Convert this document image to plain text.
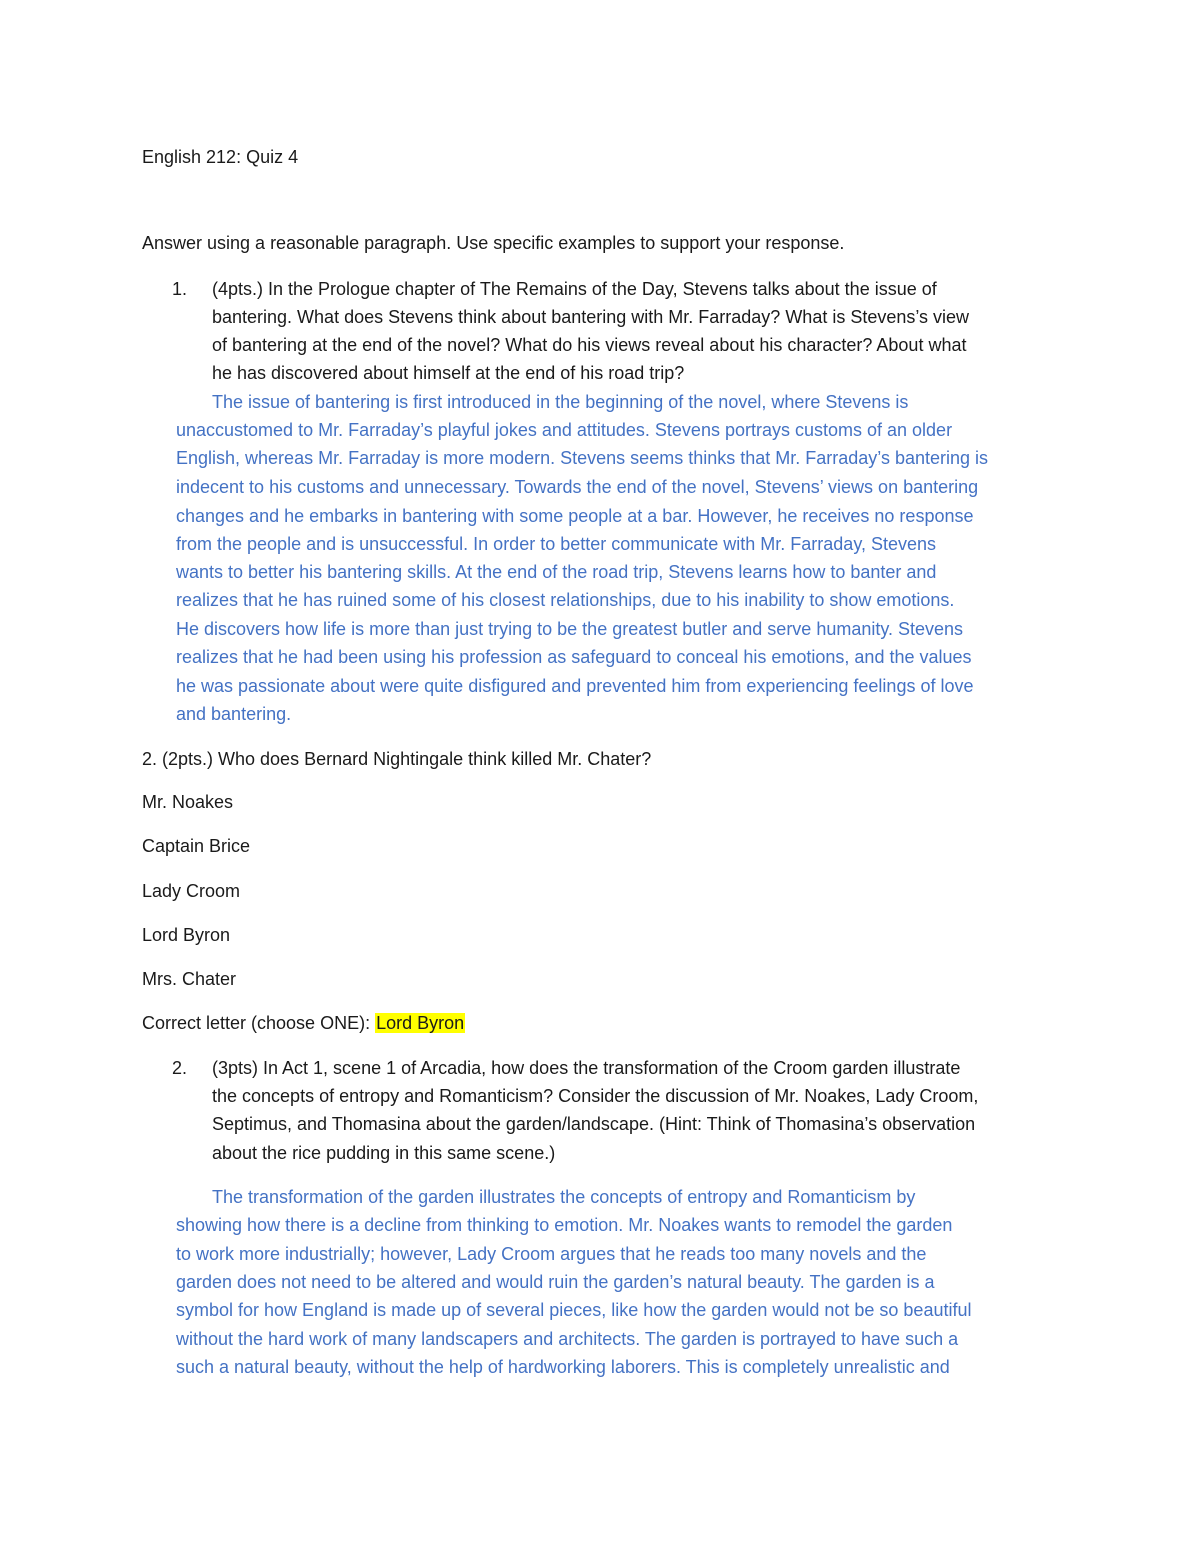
English 212: Quiz 4
Answer using a reasonable paragraph. Use specific examples to support your response.
1. (4pts.) In the Prologue chapter of The Remains of the Day, Stevens talks about the issue of
bantering. What does Stevens think about bantering with Mr. Farraday? What is Stevens’s view
of bantering at the end of the novel? What do his views reveal about his character? About what
he has discovered about himself at the end of his road trip?
The issue of bantering is first introduced in the beginning of the novel, where Stevens is
unaccustomed to Mr. Farraday’s playful jokes and attitudes. Stevens portrays customs of an older
English, whereas Mr. Farraday is more modern. Stevens seems thinks that Mr. Farraday’s bantering is
indecent to his customs and unnecessary. Towards the end of the novel, Stevens’ views on bantering
changes and he embarks in bantering with some people at a bar. However, he receives no response
from the people and is unsuccessful. In order to better communicate with Mr. Farraday, Stevens
wants to better his bantering skills. At the end of the road trip, Stevens learns how to banter and
realizes that he has ruined some of his closest relationships, due to his inability to show emotions.
He discovers how life is more than just trying to be the greatest butler and serve humanity. Stevens
realizes that he had been using his profession as safeguard to conceal his emotions, and the values
he was passionate about were quite disfigured and prevented him from experiencing feelings of love
and bantering.
2. (2pts.) Who does Bernard Nightingale think killed Mr. Chater?
Mr. Noakes
Captain Brice
Lady Croom
Lord Byron
Mrs. Chater
Correct letter (choose ONE): Lord Byron
2. (3pts) In Act 1, scene 1 of Arcadia, how does the transformation of the Croom garden illustrate
the concepts of entropy and Romanticism? Consider the discussion of Mr. Noakes, Lady Croom,
Septimus, and Thomasina about the garden/landscape. (Hint: Think of Thomasina’s observation
about the rice pudding in this same scene.)
The transformation of the garden illustrates the concepts of entropy and Romanticism by
showing how there is a decline from thinking to emotion. Mr. Noakes wants to remodel the garden
to work more industrially; however, Lady Croom argues that he reads too many novels and the
garden does not need to be altered and would ruin the garden’s natural beauty. The garden is a
symbol for how England is made up of several pieces, like how the garden would not be so beautiful
without the hard work of many landscapers and architects. The garden is portrayed to have such a
such a natural beauty, without the help of hardworking laborers. This is completely unrealistic and
